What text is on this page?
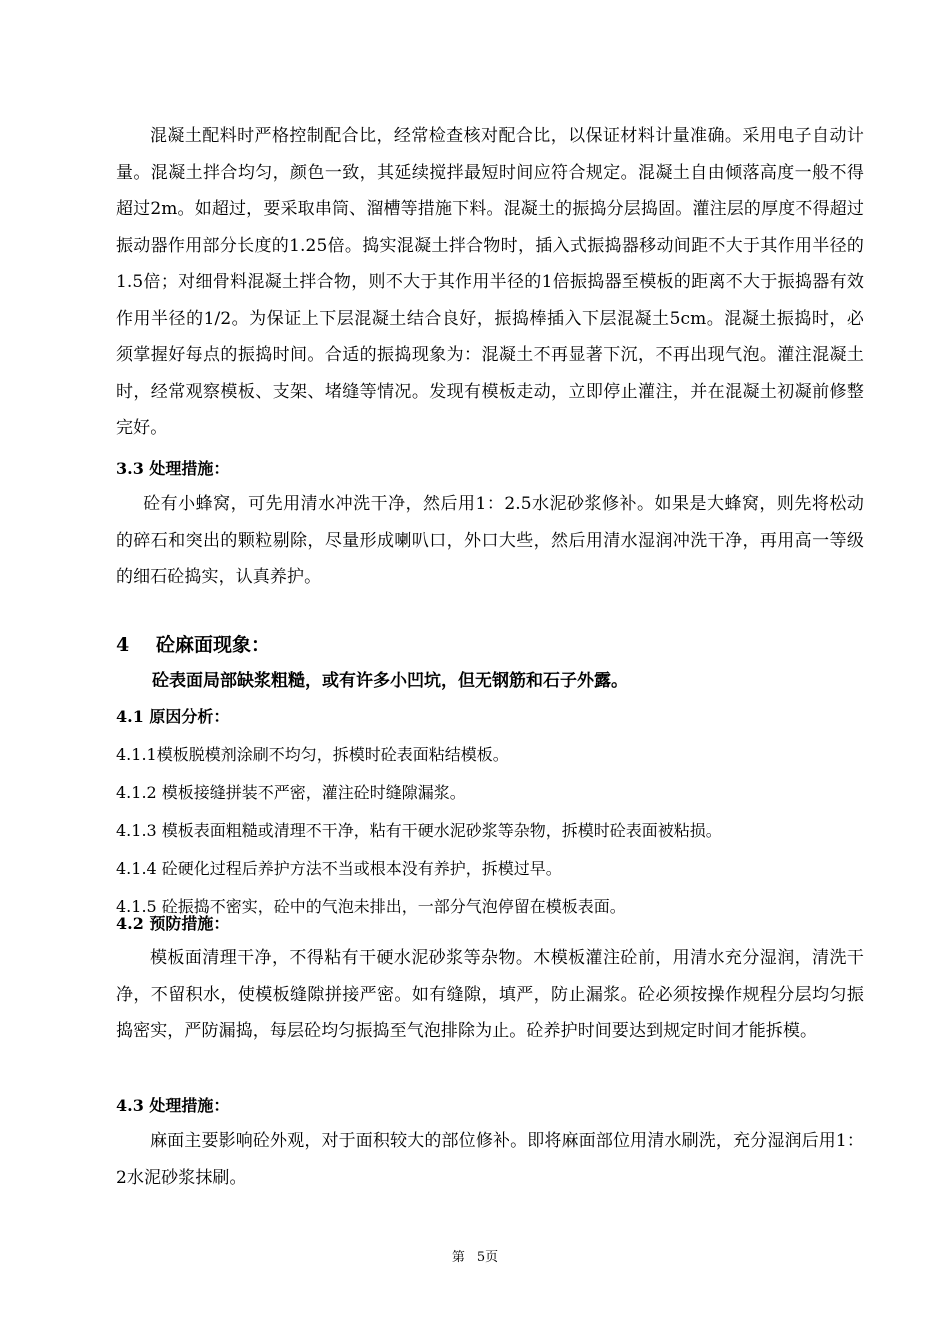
混凝土配料时严格控制配合比，经常检查核对配合比，以保证材料计量准确。采用电子自动计量。混凝土拌合均匀，颜色一致，其延续搅拌最短时间应符合规定。混凝土自由倾落高度一般不得超过2m。如超过，要采取串筒、溜槽等措施下料。混凝土的振捣分层捣固。灌注层的厚度不得超过振动器作用部分长度的1.25倍。捣实混凝土拌合物时，插入式振捣器移动间距不大于其作用半径的1.5倍；对细骨料混凝土拌合物，则不大于其作用半径的1倍振捣器至模板的距离不大于振捣器有效作用半径的1/2。为保证上下层混凝土结合良好，振捣棒插入下层混凝土5cm。混凝土振捣时，必须掌握好每点的振捣时间。合适的振捣现象为：混凝土不再显著下沉，不再出现气泡。灌注混凝土时，经常观察模板、支架、堵缝等情况。发现有模板走动，立即停止灌注，并在混凝土初凝前修整完好。

3.3 处理措施：

砼有小蜂窝，可先用清水冲洗干净，然后用1：2.5水泥砂浆修补。如果是大蜂窝，则先将松动的碎石和突出的颗粒剔除，尽量形成喇叭口，外口大些，然后用清水湿润冲洗干净，再用高一等级的细石砼捣实，认真养护。

4 砼麻面现象：

砼表面局部缺浆粗糙，或有许多小凹坑，但无钢筋和石子外露。

4.1 原因分析：

4.1.1模板脱模剂涂刷不均匀，拆模时砼表面粘结模板。

4.1.2 模板接缝拼装不严密，灌注砼时缝隙漏浆。

4.1.3 模板表面粗糙或清理不干净，粘有干硬水泥砂浆等杂物，拆模时砼表面被粘损。

4.1.4 砼硬化过程后养护方法不当或根本没有养护，拆模过早。

4.1.5 砼振捣不密实，砼中的气泡未排出，一部分气泡停留在模板表面。

4.2 预防措施：

模板面清理干净，不得粘有干硬水泥砂浆等杂物。木模板灌注砼前，用清水充分湿润，清洗干净，不留积水，使模板缝隙拼接严密。如有缝隙，填严，防止漏浆。砼必须按操作规程分层均匀振捣密实，严防漏捣，每层砼均匀振捣至气泡排除为止。砼养护时间要达到规定时间才能拆模。

4.3 处理措施：

麻面主要影响砼外观，对于面积较大的部位修补。即将麻面部位用清水刷洗，充分湿润后用1：2水泥砂浆抹刷。

第 5页
